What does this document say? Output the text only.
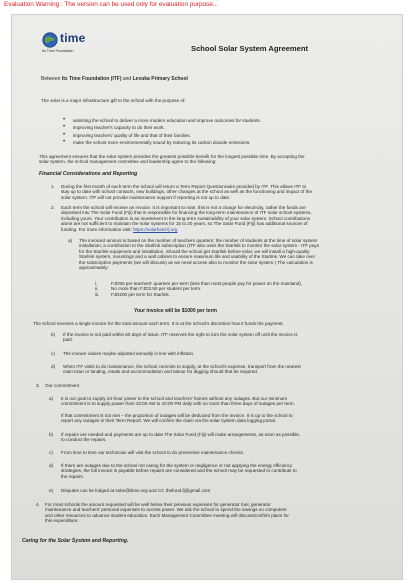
Evaluation Warning : The version can be used only for evaluation purpose...
time
Its Time Foundation	School Solar System Agreement
Between Its Time Foundation (ITF) and Levuka Primary School
The solar is a major infrastructure gift to the school with the purpose of:
• assisting the school to deliver a more modern education and improve outcomes for students.
• improving teacher's capacity to do their work.
• improving teachers' quality of life and that of their families.
• make the school more environmentally sound by reducing its carbon dioxide emissions.
This agreement ensures that the solar system provides the greatest possible benefit for the longest possible time. By accepting the
solar system, the school management committee and leadership agree to the following:
Financial Considerations and Reporting
1. During the first month of each term the school will return a Term Report Questionnaire provided by ITF. This allows ITF to
stay up to date with school contacts, new buildings, other changes at the school as well as the functioning and impact of the
solar system. ITF will not provide maintenance support if reporting is not up to date.
2. Each term the school will receive an invoice. It is important to note, this is not a charge for electricity, rather the funds are
deposited into The Solar Fund (Fiji) that is responsible for financing the long-term maintenance of ITF solar school systems,
including yours. Your contribution is an investment in the long-term sustainability of your solar system. School contributions
alone are not sufficient to maintain the solar systems for 15 to 20 years, so The Solar Fund (Fiji) has additional sources of
funding. For more information visit: https://solarfund-fj.org
a) The invoiced amount is based on the number of teachers quarters; the number of students at the time of solar system
installation; a contribution to the Starlink subscription (ITF also uses the Starlink to monitor the solar system - ITF pays
for the Starlink equipment and installation. Should the school get Starlink before solar, we will install a high-quality
Starlink system, mountings and a wall cabinet to ensure maximum life and usability of the Starlink. We can take over
the subscription payments (we will discuss) as we need access also to monitor the solar system.) The calculation is
approximately:
i.	FJD90 per teachers' quarters per term (less than most people pay for power on the mainland),
ii.	No more than FJD3.50 per student per term.
iii.	FJD200 per term for Starlink.
Your invoice will be $1000 per term
The school receives a single invoice for the total amount each term. It is at the school's discretion how it funds the payment.
b) If the invoice is not paid within 60 days of issue, ITF reserves the right to turn the solar system off until the invoice is
paid.
c) The invoice values maybe adjusted annually in line with inflation.
d) When ITF visits to do maintenance, the school commits to supply, at the school's expense, transport from the nearest
main town or landing, meals and accommodation and labour for digging should that be required.
3. Our commitment
a) It is our goal to supply 24-hour power to the school and teachers' homes without any outages. But our minimum
commitment is to supply power from 10:00 AM to 10:00 PM daily with no more than three days of outages per term.
If that commitment is not met – the proportion of outages will be deducted from the invoice. It is up to the school to
report any outages in their Term Report. We will confirm the claim via the solar system data logging portal.
b) If repairs are needed and payments are up to date The Solar Fund (Fiji) will make arrangements, as soon as possible,
to conduct the repairs.
c) From time to time our technician will visit the school to do preventive maintenance checks.
d) If there are outages due to the school not caring for the system or negligence or not applying the energy efficiency
strategies, the full invoice is payable before repairs are considered and the school may be requested to contribute to
the repairs.
e) Disputes can be lodged at solar@itime.org and CC thefund.fj@gmail.com
4. For most schools the amount requested will be well below their previous expenses for generator fuel, generator
maintenance and teachers' personal expenses to access power. We ask the school to spend the savings on computers
and other resources to advance student education. Each Management Committee meeting will discuss/confirm plans for
this expenditure.
Caring for the Solar System and Reporting.
